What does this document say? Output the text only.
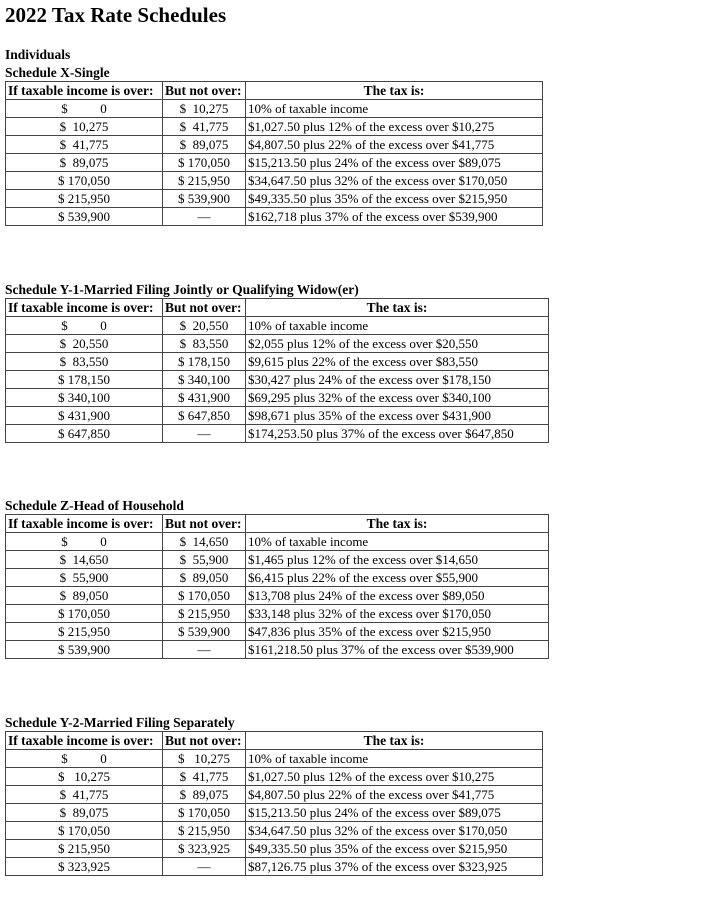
2022 Tax Rate Schedules
Individuals
Schedule X-Single
If taxable income is over:	But not over:	The tax is:
$          0	$  10,275	10% of taxable income
$  10,275	$  41,775	$1,027.50 plus 12% of the excess over $10,275
$  41,775	$  89,075	$4,807.50 plus 22% of the excess over $41,775
$  89,075	$ 170,050	$15,213.50 plus 24% of the excess over $89,075
$ 170,050	$ 215,950	$34,647.50 plus 32% of the excess over $170,050
$ 215,950	$ 539,900	$49,335.50 plus 35% of the excess over $215,950
$ 539,900	—	$162,718 plus 37% of the excess over $539,900
Schedule Y-1-Married Filing Jointly or Qualifying Widow(er)
If taxable income is over:	But not over:	The tax is:
$          0	$  20,550	10% of taxable income
$  20,550	$  83,550	$2,055 plus 12% of the excess over $20,550
$  83,550	$ 178,150	$9,615 plus 22% of the excess over $83,550
$ 178,150	$ 340,100	$30,427 plus 24% of the excess over $178,150
$ 340,100	$ 431,900	$69,295 plus 32% of the excess over $340,100
$ 431,900	$ 647,850	$98,671 plus 35% of the excess over $431,900
$ 647,850	—	$174,253.50 plus 37% of the excess over $647,850
Schedule Z-Head of Household
If taxable income is over:	But not over:	The tax is:
$          0	$  14,650	10% of taxable income
$  14,650	$  55,900	$1,465 plus 12% of the excess over $14,650
$  55,900	$  89,050	$6,415 plus 22% of the excess over $55,900
$  89,050	$ 170,050	$13,708 plus 24% of the excess over $89,050
$ 170,050	$ 215,950	$33,148 plus 32% of the excess over $170,050
$ 215,950	$ 539,900	$47,836 plus 35% of the excess over $215,950
$ 539,900	—	$161,218.50 plus 37% of the excess over $539,900
Schedule Y-2-Married Filing Separately
If taxable income is over:	But not over:	The tax is:
$          0	$   10,275	10% of taxable income
$   10,275	$  41,775	$1,027.50 plus 12% of the excess over $10,275
$  41,775	$  89,075	$4,807.50 plus 22% of the excess over $41,775
$  89,075	$ 170,050	$15,213.50 plus 24% of the excess over $89,075
$ 170,050	$ 215,950	$34,647.50 plus 32% of the excess over $170,050
$ 215,950	$ 323,925	$49,335.50 plus 35% of the excess over $215,950
$ 323,925	—	$87,126.75 plus 37% of the excess over $323,925
